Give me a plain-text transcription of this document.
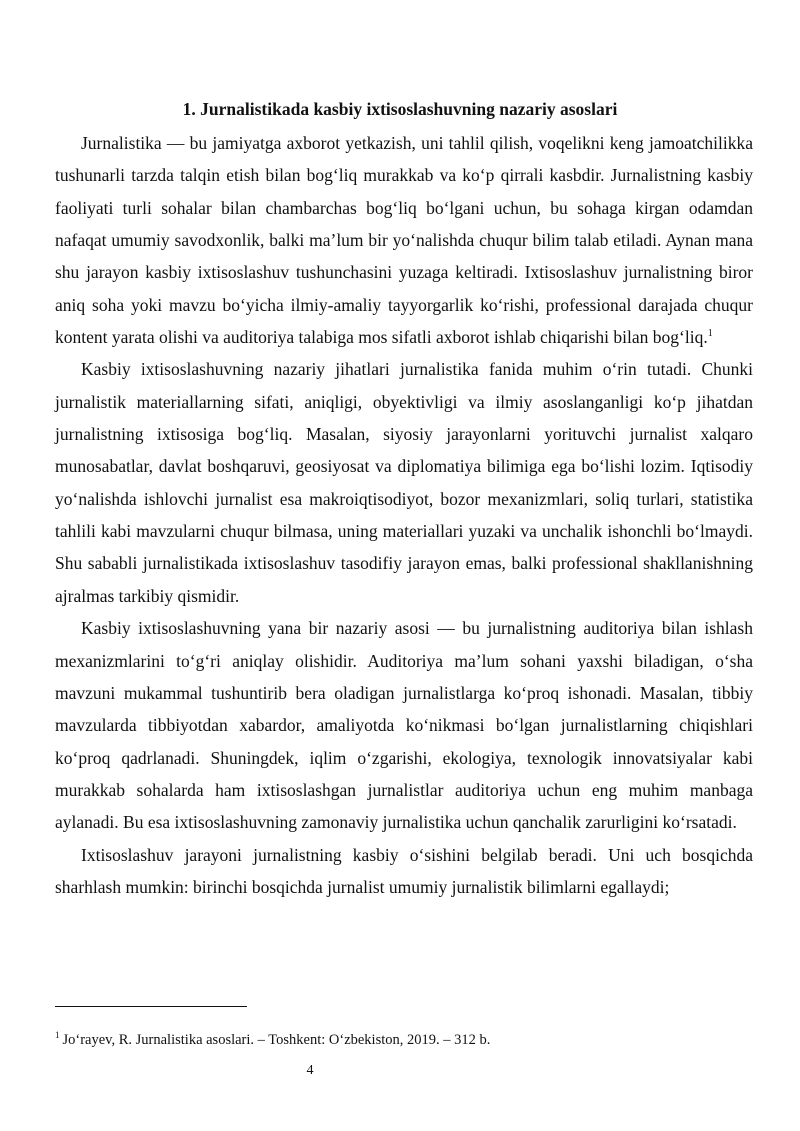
1. Jurnalistikada kasbiy ixtisoslashuvning nazariy asoslari

Jurnalistika — bu jamiyatga axborot yetkazish, uni tahlil qilish, voqelikni keng jamoatchilikka tushunarli tarzda talqin etish bilan bog‘liq murakkab va ko‘p qirrali kasbdir. Jurnalistning kasbiy faoliyati turli sohalar bilan chambarchas bog‘liq bo‘lgani uchun, bu sohaga kirgan odamdan nafaqat umumiy savodxonlik, balki ma’lum bir yo‘nalishda chuqur bilim talab etiladi. Aynan mana shu jarayon kasbiy ixtisoslashuv tushunchasini yuzaga keltiradi. Ixtisoslashuv jurnalistning biror aniq soha yoki mavzu bo‘yicha ilmiy-amaliy tayyorgarlik ko‘rishi, professional darajada chuqur kontent yarata olishi va auditoriya talabiga mos sifatli axborot ishlab chiqarishi bilan bog‘liq.$^1$

Kasbiy ixtisoslashuvning nazariy jihatlari jurnalistika fanida muhim o‘rin tutadi. Chunki jurnalistik materiallarning sifati, aniqligi, obyektivligi va ilmiy asoslanganligi ko‘p jihatdan jurnalistning ixtisosiga bog‘liq. Masalan, siyosiy jarayonlarni yorituvchi jurnalist xalqaro munosabatlar, davlat boshqaruvi, geosiyosat va diplomatiya bilimiga ega bo‘lishi lozim. Iqtisodiy yo‘nalishda ishlovchi jurnalist esa makroiqtisodiyot, bozor mexanizmlari, soliq turlari, statistika tahlili kabi mavzularni chuqur bilmasa, uning materiallari yuzaki va unchalik ishonchli bo‘lmaydi. Shu sababli jurnalistikada ixtisoslashuv tasodifiy jarayon emas, balki professional shakllanishning ajralmas tarkibiy qismidir.

Kasbiy ixtisoslashuvning yana bir nazariy asosi — bu jurnalistning auditoriya bilan ishlash mexanizmlarini to‘g‘ri aniqlay olishidir. Auditoriya ma’lum sohani yaxshi biladigan, o‘sha mavzuni mukammal tushuntirib bera oladigan jurnalistlarga ko‘proq ishonadi. Masalan, tibbiy mavzularda tibbiyotdan xabardor, amaliyotda ko‘nikmasi bo‘lgan jurnalistlarning chiqishlari ko‘proq qadrlanadi. Shuningdek, iqlim o‘zgarishi, ekologiya, texnologik innovatsiyalar kabi murakkab sohalarda ham ixtisoslashgan jurnalistlar auditoriya uchun eng muhim manbaga aylanadi. Bu esa ixtisoslashuvning zamonaviy jurnalistika uchun qanchalik zarurligini ko‘rsatadi.

Ixtisoslashuv jarayoni jurnalistning kasbiy o‘sishini belgilab beradi. Uni uch bosqichda sharhlash mumkin: birinchi bosqichda jurnalist umumiy jurnalistik bilimlarni egallaydi;

$^1$ Jo‘rayev, R. Jurnalistika asoslari. – Toshkent: O‘zbekiston, 2019. – 312 b.

4
